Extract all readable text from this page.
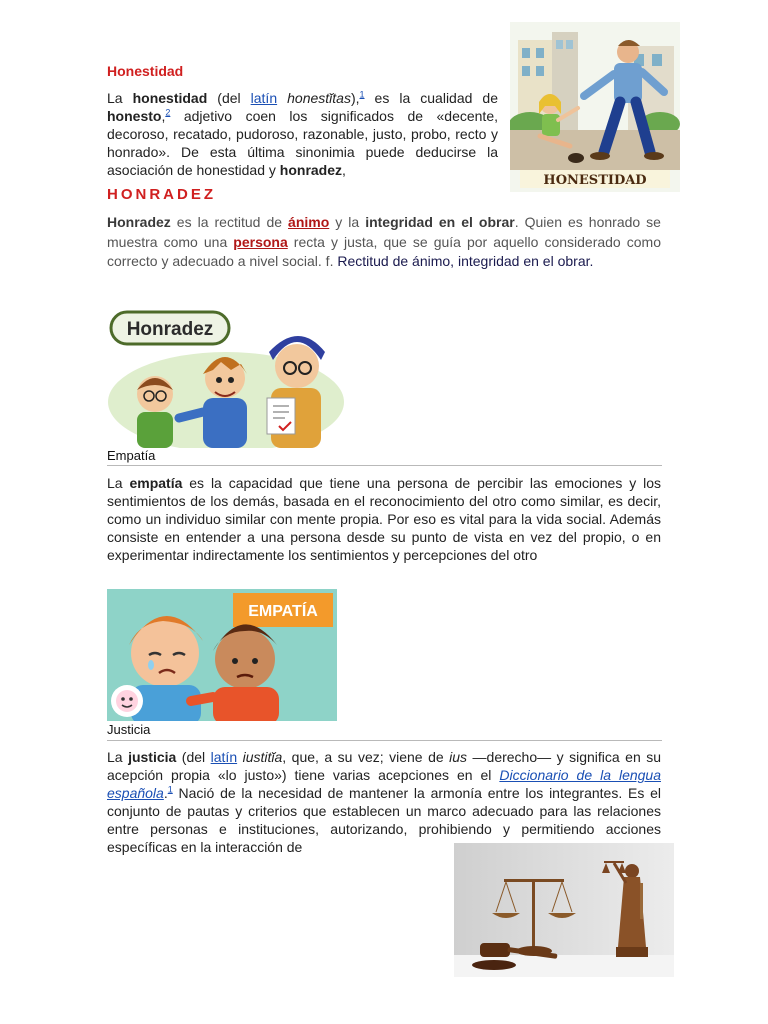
Honestidad
La honestidad (del latín honestĭtas),$^1$ es la cualidad de honesto,$^2$ adjetivo coen los significados de «decente, decoroso, recatado, pudoroso, razonable, justo, probo, recto y honrado». De esta última sinonimia puede deducirse la asociación de honestidad y honradez,
HONESTIDAD
HONRADEZ
Honradez es la rectitud de ánimo y la integridad en el obrar. Quien es honrado se muestra como una persona recta y justa, que se guía por aquello considerado como correcto y adecuado a nivel social. f. Rectitud de ánimo, integridad en el obrar.
Honradez
Empatía
La empatía es la capacidad que tiene una persona de percibir las emociones y los sentimientos de los demás, basada en el reconocimiento del otro como similar, es decir, como un individuo similar con mente propia. Por eso es vital para la vida social. Además consiste en entender a una persona desde su punto de vista en vez del propio, o en experimentar indirectamente los sentimientos y percepciones del otro
EMPATÍA
Justicia
La justicia (del latín iustitĭa, que, a su vez; viene de ius —derecho— y significa en su acepción propia «lo justo») tiene varias acepciones en el Diccionario de la lengua española.$^1$ Nació de la necesidad de mantener la armonía entre los integrantes. Es el conjunto de pautas y criterios que establecen un marco adecuado para las relaciones entre personas e instituciones, autorizando, prohibiendo y permitiendo acciones específicas en la interacción de
